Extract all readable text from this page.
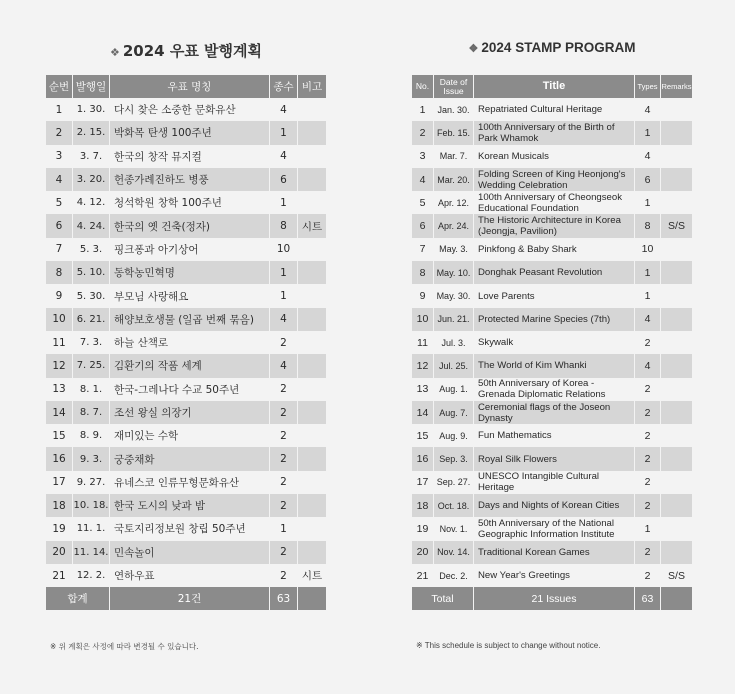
❖ 2024 우표 발행계획
순번	발행일	우표 명칭	종수	비고
1	1. 30.	다시 찾은 소중한 문화유산	4	
2	2. 15.	박화목 탄생 100주년	1	
3	3. 7.	한국의 창작 뮤지컬	4	
4	3. 20.	헌종가례진하도 병풍	6	
5	4. 12.	청석학원 창학 100주년	1	
6	4. 24.	한국의 옛 건축(정자)	8	시트
7	5. 3.	핑크퐁과 아기상어	10	
8	5. 10.	동학농민혁명	1	
9	5. 30.	부모님 사랑해요	1	
10	6. 21.	해양보호생물 (일곱 번째 묶음)	4	
11	7. 3.	하늘 산책로	2	
12	7. 25.	김환기의 작품 세계	4	
13	8. 1.	한국-그레나다 수교 50주년	2	
14	8. 7.	조선 왕실 의장기	2	
15	8. 9.	재미있는 수학	2	
16	9. 3.	궁중채화	2	
17	9. 27.	유네스코 인류무형문화유산	2	
18	10. 18.	한국 도시의 낮과 밤	2	
19	11. 1.	국토지리정보원 창립 50주년	1	
20	11. 14.	민속놀이	2	
21	12. 2.	연하우표	2	시트
합계		21건	63	
※ 위 계획은 사정에 따라 변경될 수 있습니다.
❖ 2024 STAMP PROGRAM
No.	Date of Issue	Title	Types	Remarks
1	Jan. 30.	Repatriated Cultural Heritage	4	
2	Feb. 15.	100th Anniversary of the Birth of Park Whamok	1	
3	Mar. 7.	Korean Musicals	4	
4	Mar. 20.	Folding Screen of King Heonjong's Wedding Celebration	6	
5	Apr. 12.	100th Anniversary of Cheongseok Educational Foundation	1	
6	Apr. 24.	The Historic Architecture in Korea (Jeongja, Pavilion)	8	S/S
7	May. 3.	Pinkfong & Baby Shark	10	
8	May. 10.	Donghak Peasant Revolution	1	
9	May. 30.	Love Parents	1	
10	Jun. 21.	Protected Marine Species (7th)	4	
11	Jul. 3.	Skywalk	2	
12	Jul. 25.	The World of Kim Whanki	4	
13	Aug. 1.	50th Anniversary of Korea - Grenada Diplomatic Relations	2	
14	Aug. 7.	Ceremonial flags of the Joseon Dynasty	2	
15	Aug. 9.	Fun Mathematics	2	
16	Sep. 3.	Royal Silk Flowers	2	
17	Sep. 27.	UNESCO Intangible Cultural Heritage	2	
18	Oct. 18.	Days and Nights of Korean Cities	2	
19	Nov. 1.	50th Anniversary of the National Geographic Information Institute	1	
20	Nov. 14.	Traditional Korean Games	2	
21	Dec. 2.	New Year's Greetings	2	S/S
Total		21 Issues	63	
※ This schedule is subject to change without notice.
